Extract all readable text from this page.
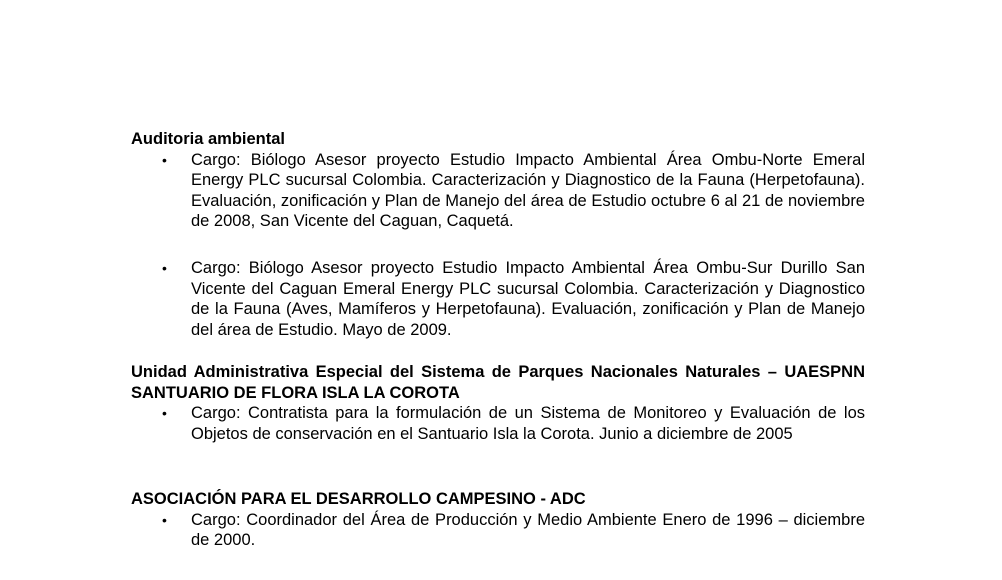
Auditoria ambiental
• Cargo: Biólogo Asesor proyecto Estudio Impacto Ambiental Área Ombu-Norte Emeral Energy PLC sucursal Colombia. Caracterización y Diagnostico de la Fauna (Herpetofauna). Evaluación, zonificación y Plan de Manejo del área de Estudio octubre 6 al 21 de noviembre de 2008, San Vicente del Caguan, Caquetá.
• Cargo: Biólogo Asesor proyecto Estudio Impacto Ambiental Área Ombu-Sur Durillo San Vicente del Caguan Emeral Energy PLC sucursal Colombia. Caracterización y Diagnostico de la Fauna (Aves, Mamíferos y Herpetofauna). Evaluación, zonificación y Plan de Manejo del área de Estudio. Mayo de 2009.
Unidad Administrativa Especial del Sistema de Parques Nacionales Naturales – UAESPNN SANTUARIO DE FLORA ISLA LA COROTA
• Cargo: Contratista para la formulación de un Sistema de Monitoreo y Evaluación de los Objetos de conservación en el Santuario Isla la Corota. Junio a diciembre de 2005
ASOCIACIÓN PARA EL DESARROLLO CAMPESINO - ADC
• Cargo: Coordinador del Área de Producción y Medio Ambiente Enero de 1996 – diciembre de 2000.
